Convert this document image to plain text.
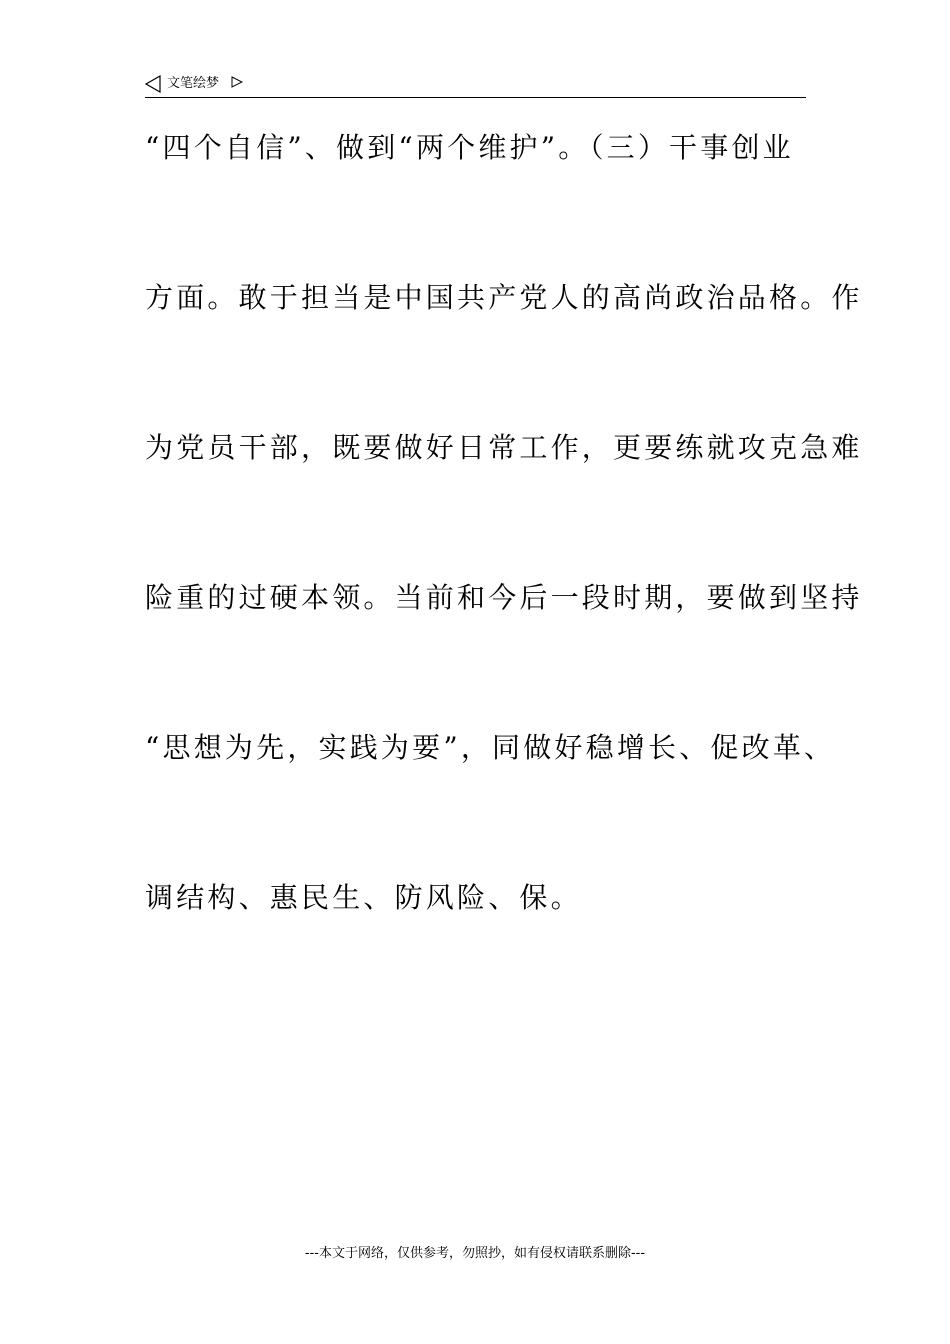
文笔绘梦
“四个自信”、做到“两个维护”。（三）干事创业
方面。敢于担当是中国共产党人的高尚政治品格。作
为党员干部，既要做好日常工作，更要练就攻克急难
险重的过硬本领。当前和今后一段时期，要做到坚持
“思想为先，实践为要”，同做好稳增长、促改革、
调结构、惠民生、防风险、保。
---本文于网络，仅供参考，勿照抄，如有侵权请联系删除---
